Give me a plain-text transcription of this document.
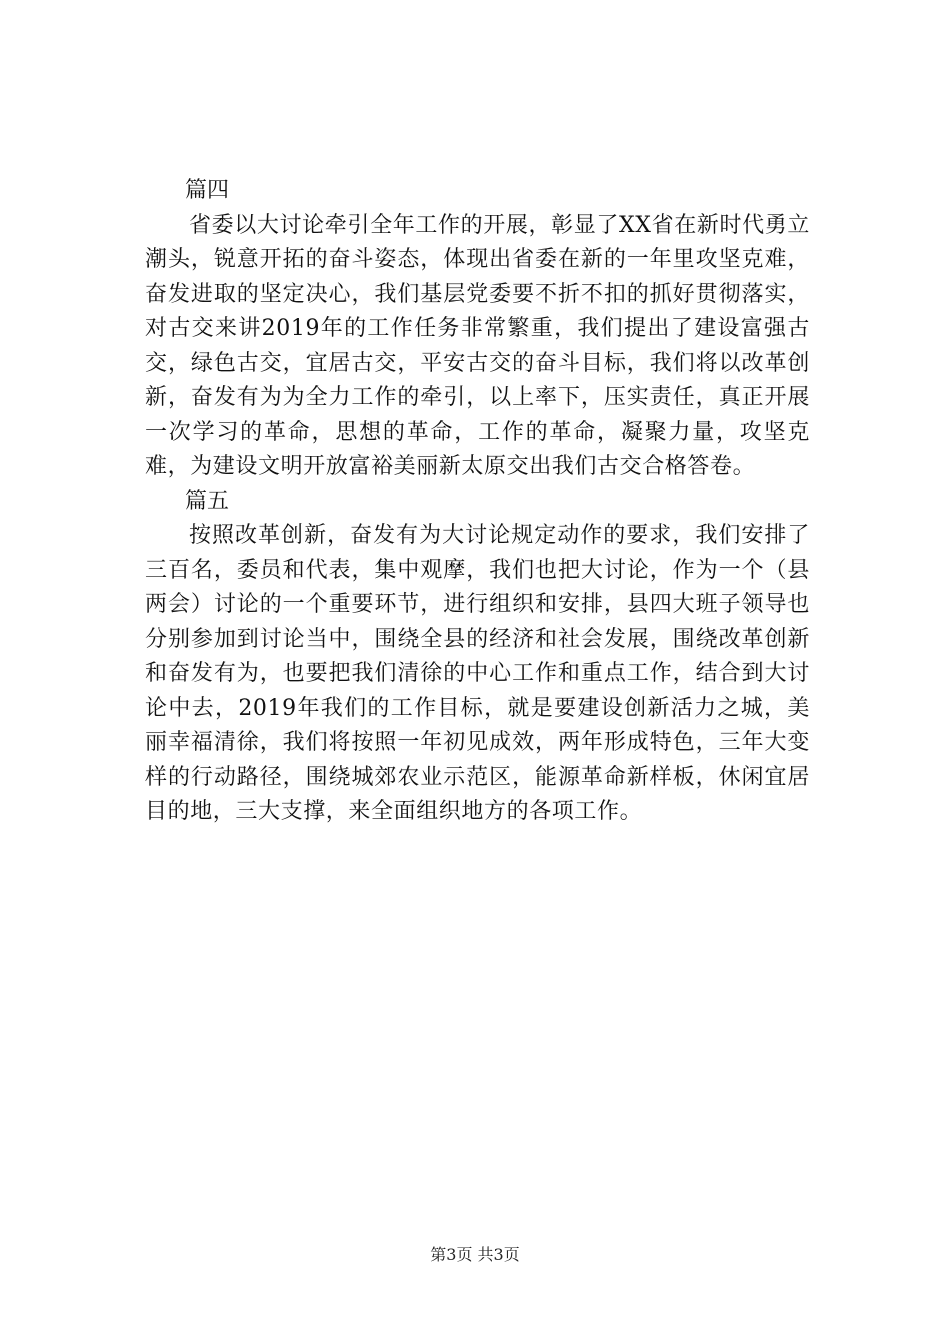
篇四

省委以大讨论牵引全年工作的开展，彰显了XX省在新时代勇立潮头，锐意开拓的奋斗姿态，体现出省委在新的一年里攻坚克难，奋发进取的坚定决心，我们基层党委要不折不扣的抓好贯彻落实，对古交来讲2019年的工作任务非常繁重，我们提出了建设富强古交，绿色古交，宜居古交，平安古交的奋斗目标，我们将以改革创新，奋发有为为全力工作的牵引，以上率下，压实责任，真正开展一次学习的革命，思想的革命，工作的革命，凝聚力量，攻坚克难，为建设文明开放富裕美丽新太原交出我们古交合格答卷。

篇五

按照改革创新，奋发有为大讨论规定动作的要求，我们安排了三百名，委员和代表，集中观摩，我们也把大讨论，作为一个（县两会）讨论的一个重要环节，进行组织和安排，县四大班子领导也分别参加到讨论当中，围绕全县的经济和社会发展，围绕改革创新和奋发有为，也要把我们清徐的中心工作和重点工作，结合到大讨论中去，2019年我们的工作目标，就是要建设创新活力之城，美丽幸福清徐，我们将按照一年初见成效，两年形成特色，三年大变样的行动路径，围绕城郊农业示范区，能源革命新样板，休闲宜居目的地，三大支撑，来全面组织地方的各项工作。

第3页 共3页
